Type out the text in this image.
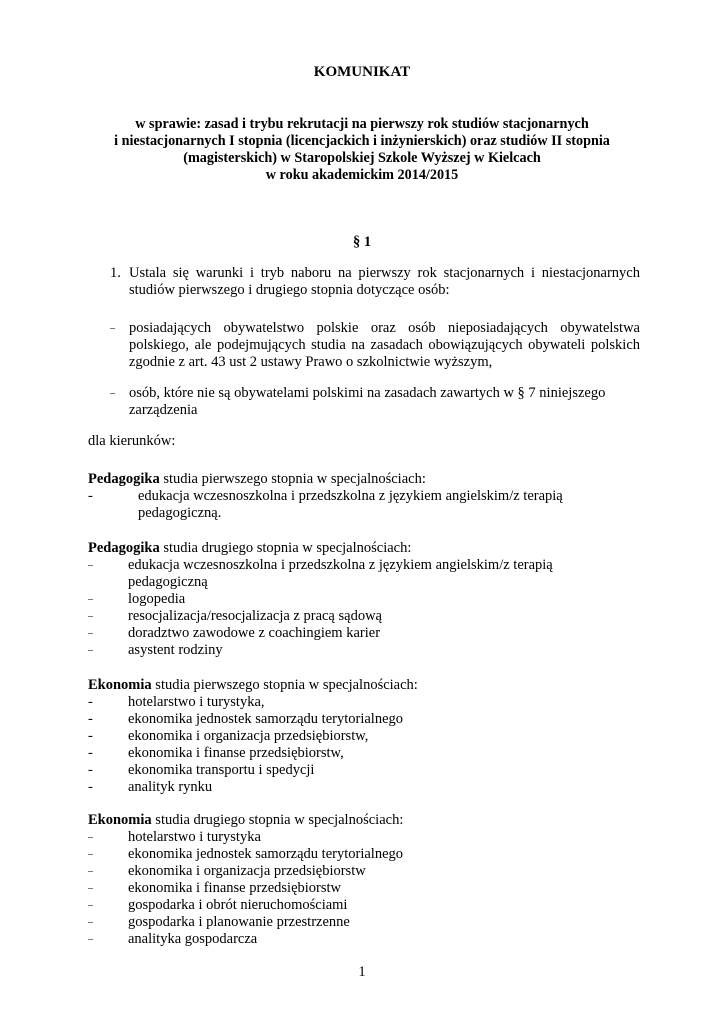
KOMUNIKAT
w sprawie: zasad i trybu rekrutacji na pierwszy rok studiów stacjonarnych
i niestacjonarnych I stopnia (licencjackich i inżynierskich) oraz studiów II stopnia
(magisterskich) w Staropolskiej Szkole Wyższej w Kielcach
w roku akademickim 2014/2015
§ 1
1. Ustala się warunki i tryb naboru na pierwszy rok stacjonarnych i niestacjonarnych studiów pierwszego i drugiego stopnia dotyczące osób:
– posiadających obywatelstwo polskie oraz osób nieposiadających obywatelstwa polskiego, ale podejmujących studia na zasadach obowiązujących obywateli polskich zgodnie z art. 43 ust 2 ustawy Prawo o szkolnictwie wyższym,
– osób, które nie są obywatelami polskimi na zasadach zawartych w § 7 niniejszego
zarządzenia
dla kierunków:
Pedagogika studia pierwszego stopnia w specjalnościach:
-	edukacja wczesnoszkolna i przedszkolna z językiem angielskim/z terapią
pedagogiczną.
Pedagogika studia drugiego stopnia w specjalnościach:
– edukacja wczesnoszkolna i przedszkolna z językiem angielskim/z terapią
pedagogiczną
– logopedia
– resocjalizacja/resocjalizacja z pracą sądową
– doradztwo zawodowe z coachingiem karier
– asystent rodziny
Ekonomia studia pierwszego stopnia w specjalnościach:
- hotelarstwo i turystyka,
- ekonomika jednostek samorządu terytorialnego
- ekonomika i organizacja przedsiębiorstw,
- ekonomika i finanse przedsiębiorstw,
- ekonomika transportu i spedycji
- analityk rynku
Ekonomia studia drugiego stopnia w specjalnościach:
– hotelarstwo i turystyka
– ekonomika jednostek samorządu terytorialnego
– ekonomika i organizacja przedsiębiorstw
– ekonomika i finanse przedsiębiorstw
– gospodarka i obrót nieruchomościami
– gospodarka i planowanie przestrzenne
– analityka gospodarcza
1
